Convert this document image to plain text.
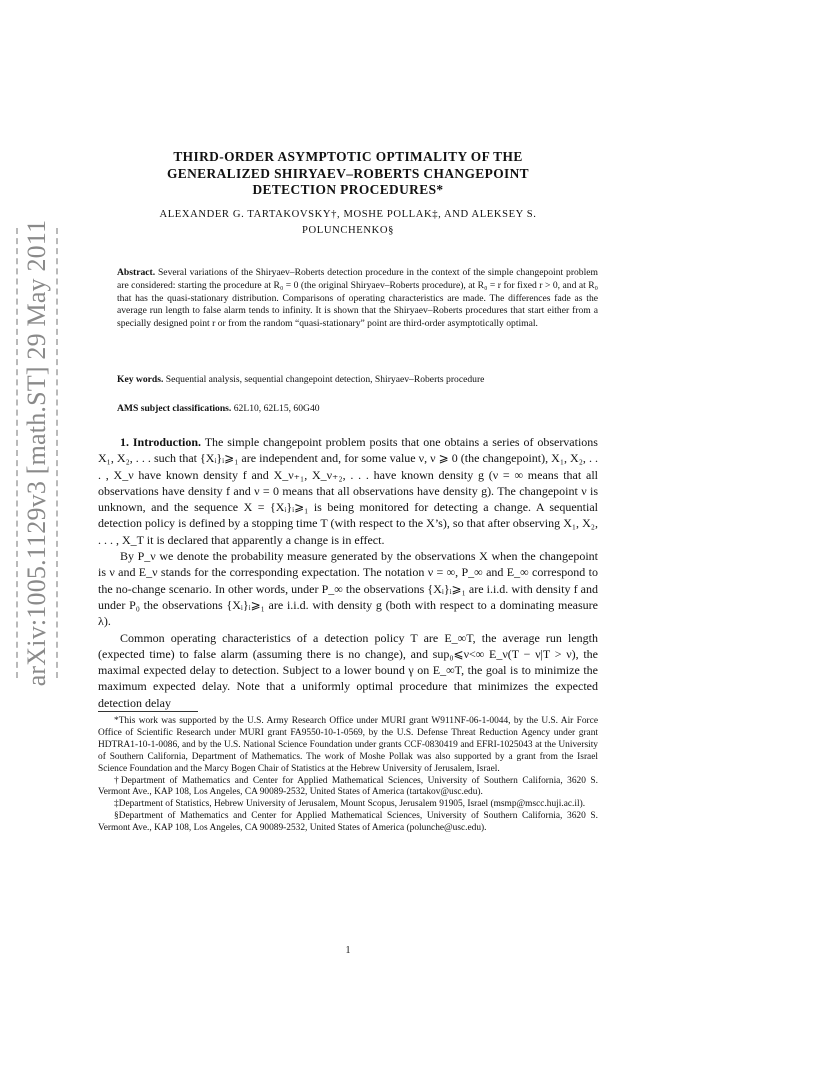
arXiv:1005.1129v3 [math.ST] 29 May 2011
THIRD-ORDER ASYMPTOTIC OPTIMALITY OF THE
GENERALIZED SHIRYAEV–ROBERTS CHANGEPOINT
DETECTION PROCEDURES*
ALEXANDER G. TARTAKOVSKY†, MOSHE POLLAK‡, AND ALEKSEY S.
POLUNCHENKO§
Abstract. Several variations of the Shiryaev–Roberts detection procedure in the context of the simple changepoint problem are considered: starting the procedure at R₀ = 0 (the original Shiryaev–Roberts procedure), at R₀ = r for fixed r > 0, and at R₀ that has the quasi-stationary distribution. Comparisons of operating characteristics are made. The differences fade as the average run length to false alarm tends to infinity. It is shown that the Shiryaev–Roberts procedures that start either from a specially designed point r or from the random “quasi-stationary” point are third-order asymptotically optimal.
Key words. Sequential analysis, sequential changepoint detection, Shiryaev–Roberts procedure
AMS subject classifications. 62L10, 62L15, 60G40

1. Introduction. The simple changepoint problem posits that one obtains a series of observations X₁, X₂, . . . such that {Xᵢ}ᵢ⩾₁ are independent and, for some value ν, ν ⩾ 0 (the changepoint), X₁, X₂, . . . , X_ν have known density f and X_ν₊₁, X_ν₊₂, . . . have known density g (ν = ∞ means that all observations have density f and ν = 0 means that all observations have density g). The changepoint ν is unknown, and the sequence X = {Xᵢ}ᵢ⩾₁ is being monitored for detecting a change. A sequential detection policy is defined by a stopping time T (with respect to the X’s), so that after observing X₁, X₂, . . . , X_T it is declared that apparently a change is in effect.

By P_ν we denote the probability measure generated by the observations X when the changepoint is ν and E_ν stands for the corresponding expectation. The notation ν = ∞, P_∞ and E_∞ correspond to the no-change scenario. In other words, under P_∞ the observations {Xᵢ}ᵢ⩾₁ are i.i.d. with density f and under P₀ the observations {Xᵢ}ᵢ⩾₁ are i.i.d. with density g (both with respect to a dominating measure λ).

Common operating characteristics of a detection policy T are E_∞T, the average run length (expected time) to false alarm (assuming there is no change), and sup₀⩽ν<∞ E_ν(T − ν|T > ν), the maximal expected delay to detection. Subject to a lower bound γ on E_∞T, the goal is to minimize the maximum expected delay. Note that a uniformly optimal procedure that minimizes the expected detection delay

*This work was supported by the U.S. Army Research Office under MURI grant W911NF-06-1-0044, by the U.S. Air Force Office of Scientific Research under MURI grant FA9550-10-1-0569, by the U.S. Defense Threat Reduction Agency under grant HDTRA1-10-1-0086, and by the U.S. National Science Foundation under grants CCF-0830419 and EFRI-1025043 at the University of Southern California, Department of Mathematics. The work of Moshe Pollak was also supported by a grant from the Israel Science Foundation and the Marcy Bogen Chair of Statistics at the Hebrew University of Jerusalem, Israel.

†Department of Mathematics and Center for Applied Mathematical Sciences, University of Southern California, 3620 S. Vermont Ave., KAP 108, Los Angeles, CA 90089-2532, United States of America (tartakov@usc.edu).

‡Department of Statistics, Hebrew University of Jerusalem, Mount Scopus, Jerusalem 91905, Israel (msmp@mscc.huji.ac.il).

§Department of Mathematics and Center for Applied Mathematical Sciences, University of Southern California, 3620 S. Vermont Ave., KAP 108, Los Angeles, CA 90089-2532, United States of America (polunche@usc.edu).

1
